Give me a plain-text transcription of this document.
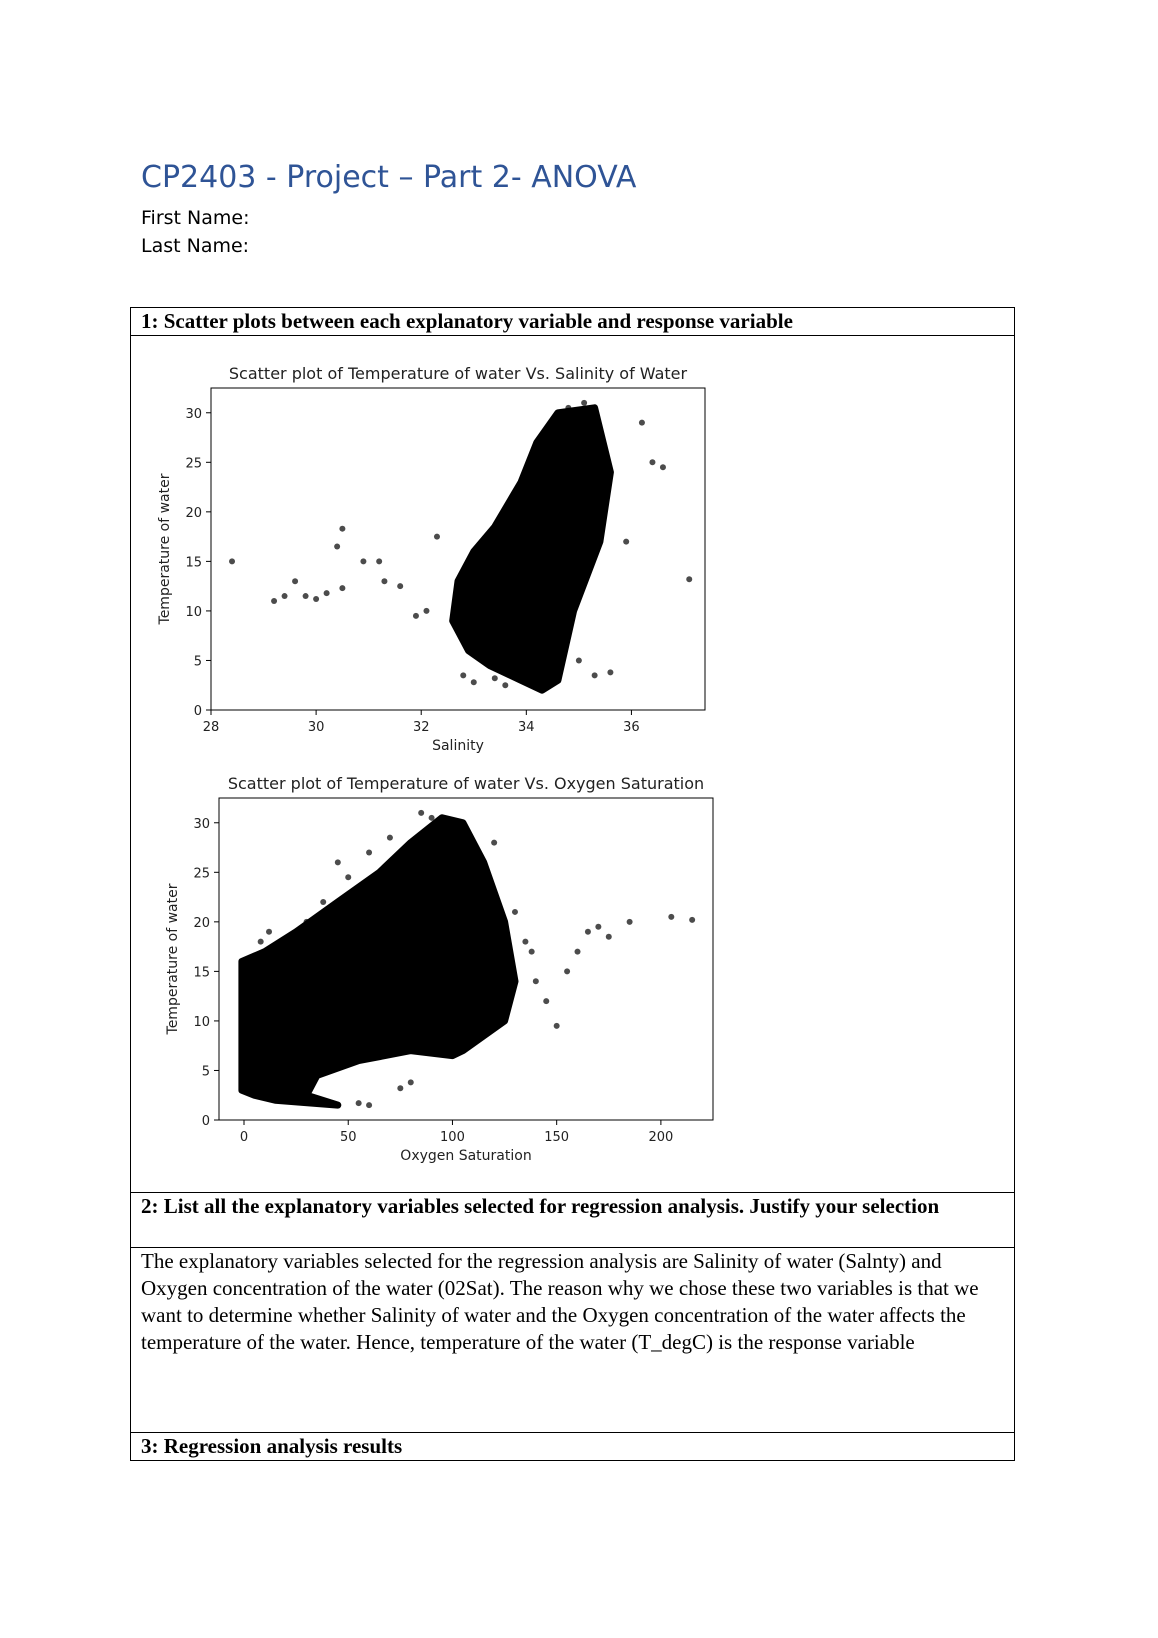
CP2403 - Project – Part 2- ANOVA
First Name:
Last Name:
1: Scatter plots between each explanatory variable and response variable

Scatter plot of Temperature of water Vs. Salinity of Water
28	30	32	34	36
0
5
10
15
20
25
30
Salinity
Temperature of water
Scatter plot of Temperature of water Vs. Oxygen Saturation
0	50	100	150	200
0
5
10
15
20
25
30
Oxygen Saturation
Temperature of water

2: List all the explanatory variables selected for regression analysis. Justify your selection
The explanatory variables selected for the regression analysis are Salinity of water (Salnty) and Oxygen concentration of the water (02Sat). The reason why we chose these two variables is that we want to determine whether Salinity of water and the Oxygen concentration of the water affects the temperature of the water. Hence, temperature of the water (T_degC) is the response variable
3: Regression analysis results
